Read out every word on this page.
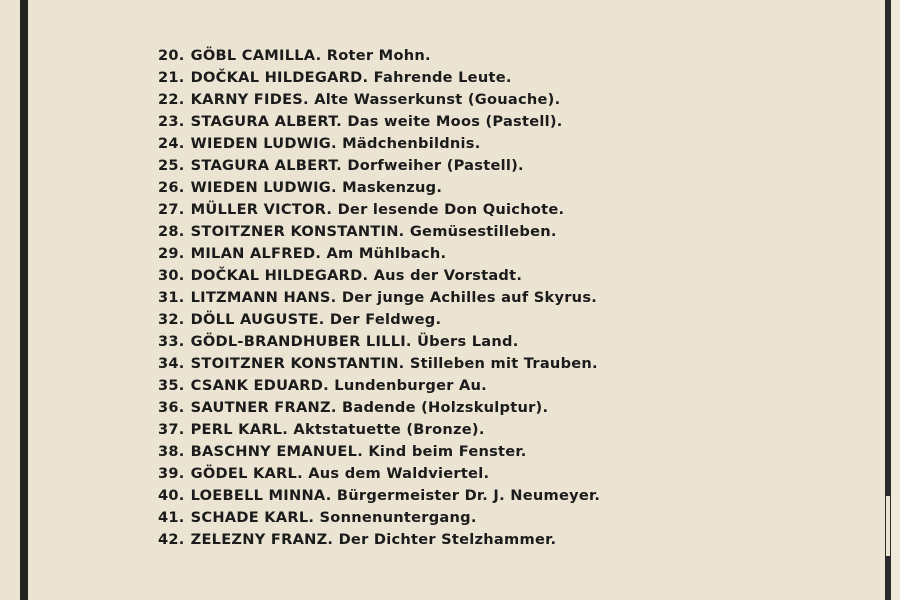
20. GÖBL CAMILLA. Roter Mohn.
21. DOČKAL HILDEGARD. Fahrende Leute.
22. KARNY FIDES. Alte Wasserkunst (Gouache).
23. STAGURA ALBERT. Das weite Moos (Pastell).
24. WIEDEN LUDWIG. Mädchenbildnis.
25. STAGURA ALBERT. Dorfweiher (Pastell).
26. WIEDEN LUDWIG. Maskenzug.
27. MÜLLER VICTOR. Der lesende Don Quichote.
28. STOITZNER KONSTANTIN. Gemüsestilleben.
29. MILAN ALFRED. Am Mühlbach.
30. DOČKAL HILDEGARD. Aus der Vorstadt.
31. LITZMANN HANS. Der junge Achilles auf Skyrus.
32. DÖLL AUGUSTE. Der Feldweg.
33. GÖDL-BRANDHUBER LILLI. Übers Land.
34. STOITZNER KONSTANTIN. Stilleben mit Trauben.
35. CSANK EDUARD. Lundenburger Au.
36. SAUTNER FRANZ. Badende (Holzskulptur).
37. PERL KARL. Aktstatuette (Bronze).
38. BASCHNY EMANUEL. Kind beim Fenster.
39. GÖDEL KARL. Aus dem Waldviertel.
40. LOEBELL MINNA. Bürgermeister Dr. J. Neumeyer.
41. SCHADE KARL. Sonnenuntergang.
42. ZELEZNY FRANZ. Der Dichter Stelzhammer.
